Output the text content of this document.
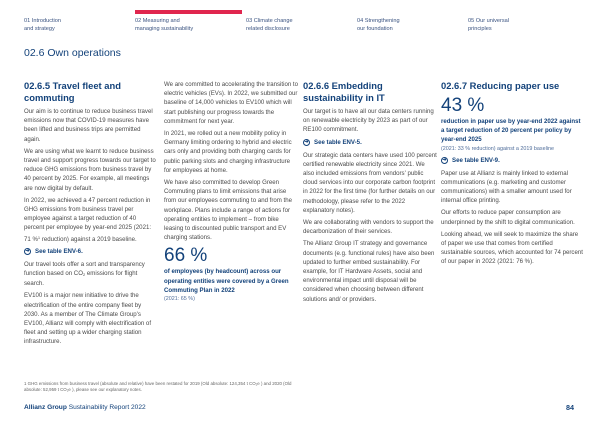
01 Introduction
and strategy
02 Measuring and
managing sustainability
03 Climate change
related disclosure
04 Strengthening
our foundation
05 Our universal
principles
02.6 Own operations
02.6.5 Travel fleet and commuting

Our aim is to continue to reduce business travel emissions now that COVID-19 measures have been lifted and business trips are permitted again.

We are using what we learnt to reduce business travel and support progress towards our target to reduce GHG emissions from business travel by 40 percent by 2025. For example, all meetings are now digital by default.

In 2022, we achieved a 47 percent reduction in GHG emissions from business travel per employee against a target reduction of 40 percent per employee by year-end 2025 (2021: 71 %$^1$ reduction) against a 2019 baseline.

➜ See table ENV-6.

Our travel tools offer a sort and transparency function based on $CO_2$ emissions for flight search.

EV100 is a major new initiative to drive the electrification of the entire company fleet by 2030. As a member of The Climate Group's EV100, Allianz will comply with electrification of fleet and setting up a wider charging station infrastructure.

We are committed to accelerating the transition to electric vehicles (EVs). In 2022, we submitted our baseline of 14,000 vehicles to EV100 which will start publishing our progress towards the commitment for next year.

In 2021, we rolled out a new mobility policy in Germany limiting ordering to hybrid and electric cars only and providing both charging cards for public parking slots and charging infrastructure for employees at home.

We have also committed to develop Green Commuting plans to limit emissions that arise from our employees commuting to and from the workplace. Plans include a range of actions for operating entities to implement – from bike leasing to discounted public transport and EV charging stations.

66 %
of employees (by headcount) across our operating entities were covered by a Green Commuting Plan in 2022
(2021: 65 %)
02.6.6 Embedding sustainability in IT

Our target is to have all our data centers running on renewable electricity by 2023 as part of our RE100 commitment.

➜ See table ENV-5.

Our strategic data centers have used 100 percent certified renewable electricity since 2021. We also included emissions from vendors' public cloud services into our corporate carbon footprint in 2022 for the first time (for further details on our methodology, please refer to the 2022 explanatory notes).

We are collaborating with vendors to support the decarbonization of their services.

The Allianz Group IT strategy and governance documents (e.g. functional rules) have also been updated to further embed sustainability. For example, for IT Hardware Assets, social and environmental impact until disposal will be considered when choosing between different solutions and/ or providers.

02.6.7 Reducing paper use
43 %
reduction in paper use by year-end 2022 against a target reduction of 20 percent per policy by year-end 2025
(2021: 33 % reduction) against a 2019 baseline
➜ See table ENV-9.

Paper use at Allianz is mainly linked to external communications (e.g. marketing and customer communications) with a smaller amount used for internal office printing.

Our efforts to reduce paper consumption are underpinned by the shift to digital communication.

Looking ahead, we will seek to maximize the share of paper we use that comes from certified sustainable sources, which accounted for 74 percent of our paper in 2022 (2021: 76 %).

1 GHG emissions from business travel (absolute and relative) have been restated for 2019 (Old absolute: 124,354 t CO₂e ) and 2020 (Old absolute: 52,959 t CO₂e ), please see our explanatory notes.
Allianz Group Sustainability Report 2022	84
